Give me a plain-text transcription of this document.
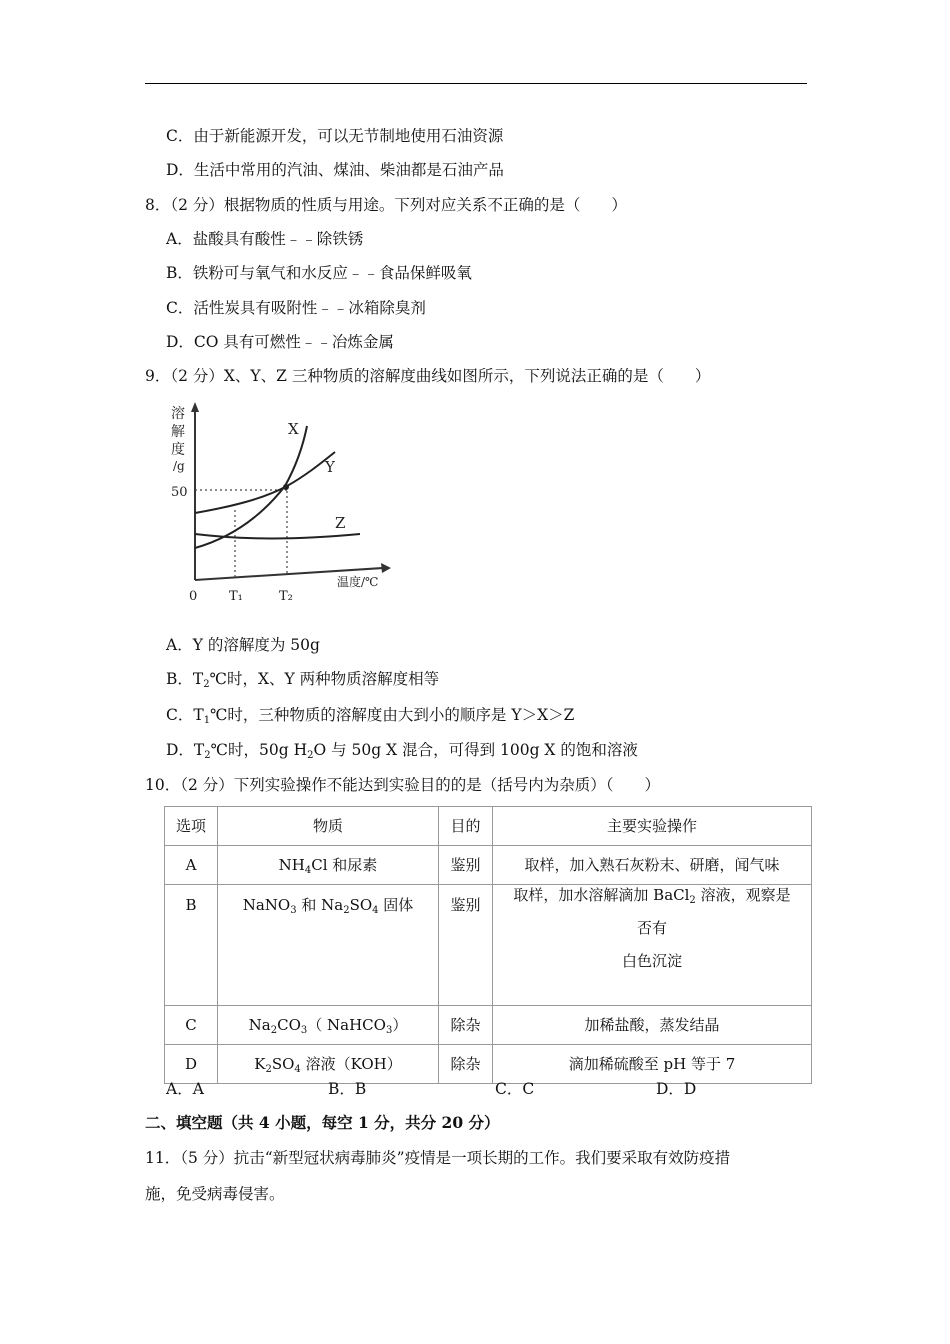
C．由于新能源开发，可以无节制地使用石油资源
D．生活中常用的汽油、煤油、柴油都是石油产品
8．（2 分）根据物质的性质与用途。下列对应关系不正确的是（　　）
A．盐酸具有酸性﹣﹣除铁锈
B．铁粉可与氧气和水反应﹣﹣食品保鲜吸氧
C．活性炭具有吸附性﹣﹣冰箱除臭剂
D．CO 具有可燃性﹣﹣冶炼金属
9．（2 分）X、Y、Z 三种物质的溶解度曲线如图所示，下列说法正确的是（　　）
溶
解
度
/g
50
X
Y
Z
0 T₁	T₂
温度/℃
A．Y 的溶解度为 50g
B．$T_2℃$时，X、Y 两种物质溶解度相等
C．$T_1℃$时，三种物质的溶解度由大到小的顺序是 Y＞X＞Z
D．$T_2℃$时，50g $H_2O$ 与 50g X 混合，可得到 100g X 的饱和溶液
10．（2 分）下列实验操作不能达到实验目的的是（括号内为杂质）（　　）
选项	物质	目的	主要实验操作
A	$NH_4Cl$ 和尿素	鉴别	取样，加入熟石灰粉末、研磨，闻气味
B	NaNO$_3$ 和 $Na_2SO_4$ 固体	鉴别	取样，加水溶解滴加 BaCl$_2$ 溶液，观察是
否有
白色沉淀

C	$Na_2CO_3$（ NaHCO$_3$）	除杂	加稀盐酸，蒸发结晶
D	$K_2SO_4$ 溶液（KOH）	除杂	滴加稀硫酸至 pH 等于 7
A．A	B．B	C．C	D．D
二、填空题（共 4 小题，每空 1 分，共分 20 分）
11．（5 分）抗击“新型冠状病毒肺炎”疫情是一项长期的工作。我们要采取有效防疫措
施，免受病毒侵害。
